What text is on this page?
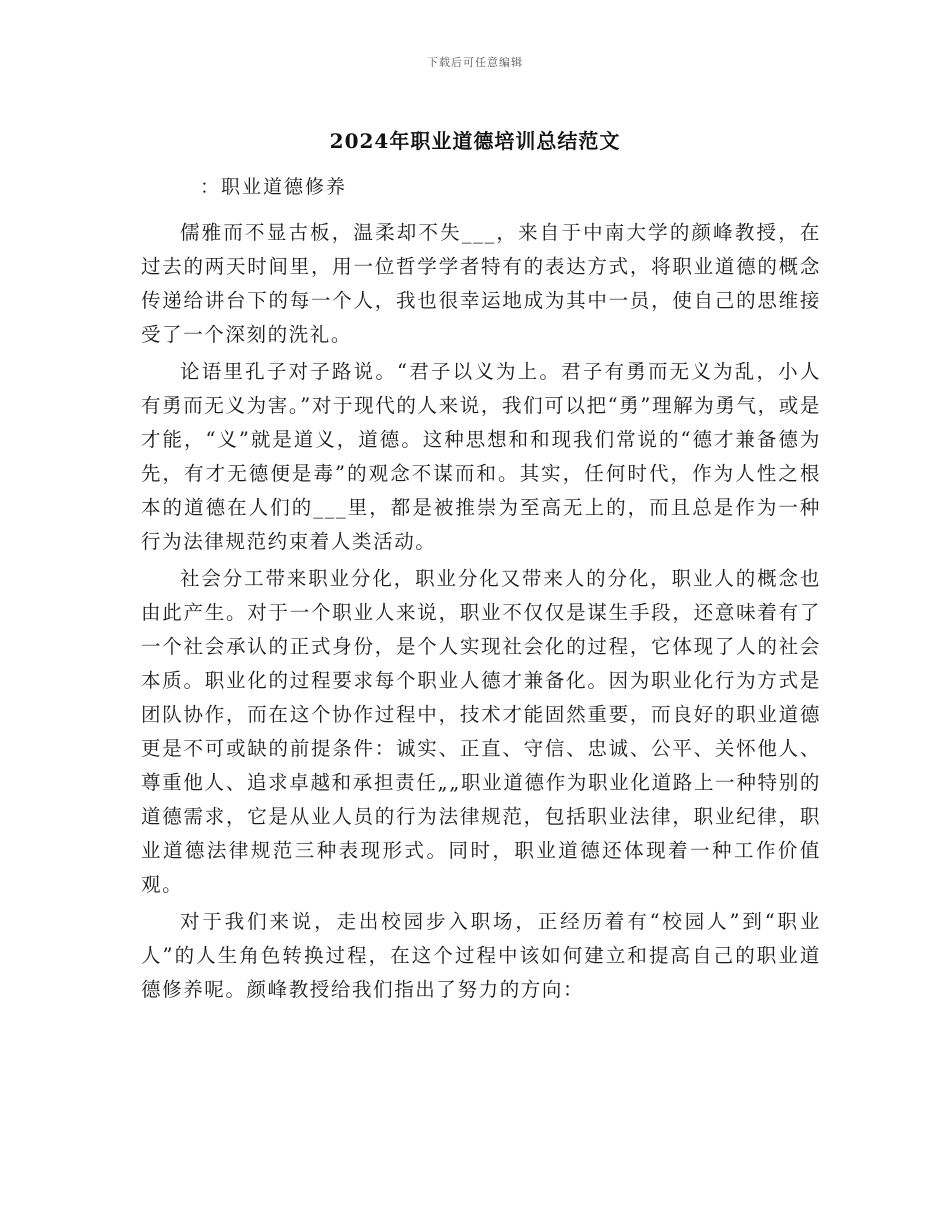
下载后可任意编辑
2024年职业道德培训总结范文
：职业道德修养

儒雅而不显古板，温柔却不失___，来自于中南大学的颜峰教授，在过去的两天时间里，用一位哲学学者特有的表达方式，将职业道德的概念传递给讲台下的每一个人，我也很幸运地成为其中一员，使自己的思维接受了一个深刻的洗礼。

论语里孔子对子路说。“君子以义为上。君子有勇而无义为乱，小人有勇而无义为害。”对于现代的人来说，我们可以把“勇”理解为勇气，或是才能，“义”就是道义，道德。这种思想和和现我们常说的“德才兼备德为先，有才无德便是毒”的观念不谋而和。其实，任何时代，作为人性之根本的道德在人们的___里，都是被推崇为至高无上的，而且总是作为一种行为法律规范约束着人类活动。

社会分工带来职业分化，职业分化又带来人的分化，职业人的概念也由此产生。对于一个职业人来说，职业不仅仅是谋生手段，还意味着有了一个社会承认的正式身份，是个人实现社会化的过程，它体现了人的社会本质。职业化的过程要求每个职业人德才兼备化。因为职业化行为方式是团队协作，而在这个协作过程中，技术才能固然重要，而良好的职业道德更是不可或缺的前提条件：诚实、正直、守信、忠诚、公平、关怀他人、尊重他人、追求卓越和承担责任„„职业道德作为职业化道路上一种特别的道德需求，它是从业人员的行为法律规范，包括职业法律，职业纪律，职业道德法律规范三种表现形式。同时，职业道德还体现着一种工作价值观。

对于我们来说，走出校园步入职场，正经历着有“校园人”到“职业人”的人生角色转换过程，在这个过程中该如何建立和提高自己的职业道德修养呢。颜峰教授给我们指出了努力的方向：
